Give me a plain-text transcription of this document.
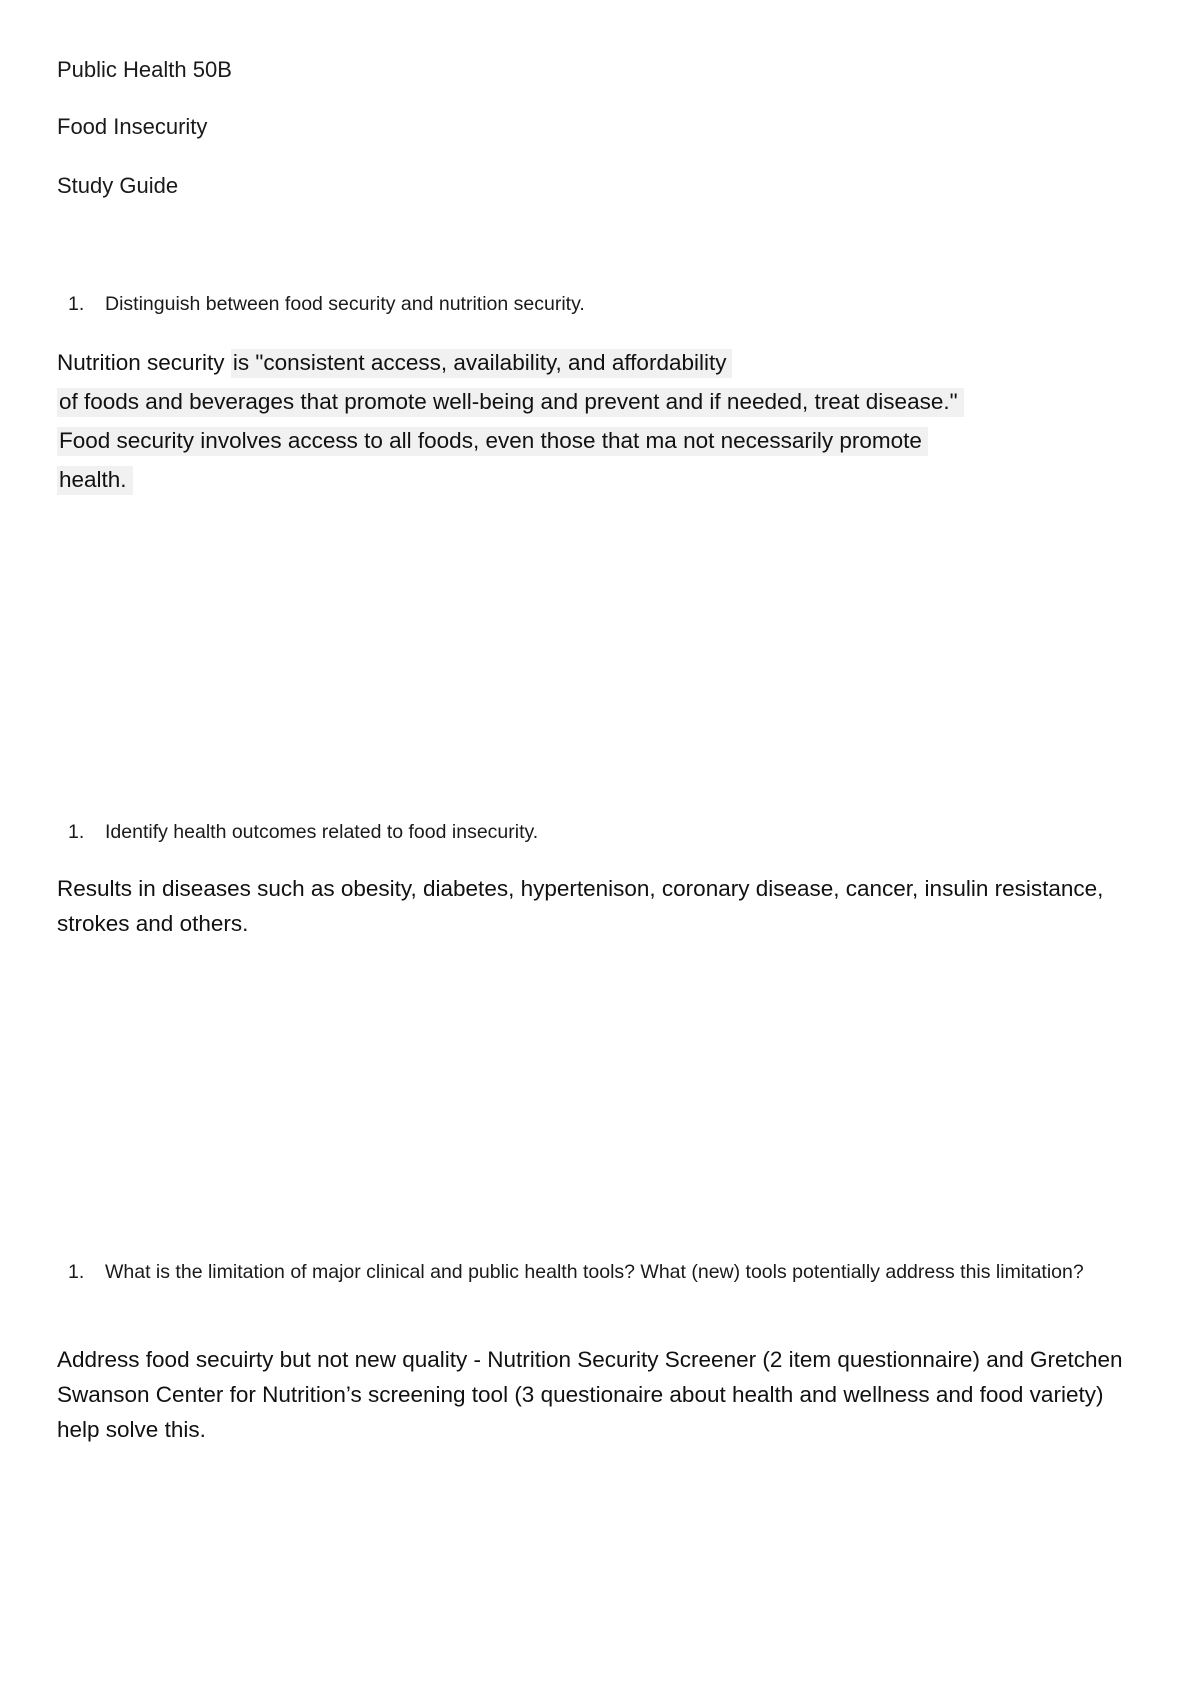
Public Health 50B
Food Insecurity
Study Guide
1.	Distinguish between food security and nutrition security.
Nutrition security is "consistent access, availability, and affordability
of foods and beverages that promote well-being and prevent and if needed, treat disease."
Food security involves access to all foods, even those that ma not necessarily promote
health.
1.	Identify health outcomes related to food insecurity.
Results in diseases such as obesity, diabetes, hypertenison, coronary disease, cancer, insulin resistance, strokes and others.
1.	What is the limitation of major clinical and public health tools? What (new) tools potentially address this limitation?
Address food secuirty but not new quality - Nutrition Security Screener (2 item questionnaire) and Gretchen Swanson Center for Nutrition’s screening tool (3 questionaire about health and wellness and food variety) help solve this.
